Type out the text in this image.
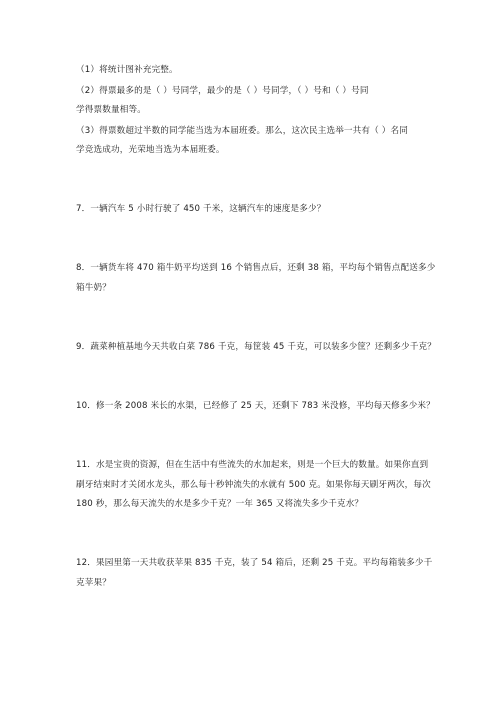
（1）将统计图补充完整。
（2）得票最多的是（ ）号同学，最少的是（ ）号同学，（ ）号和（ ）号同
学得票数量相等。
（3）得票数超过半数的同学能当选为本届班委。那么，这次民主选举一共有（ ）名同
学竞选成功，光荣地当选为本届班委。
7．一辆汽车 5 小时行驶了 450 千米，这辆汽车的速度是多少？
8．一辆货车将 470 箱牛奶平均送到 16 个销售点后，还剩 38 箱，平均每个销售点配送多少
箱牛奶？
9．蔬菜种植基地今天共收白菜 786 千克，每筐装 45 千克，可以装多少筐？还剩多少千克？
10．修一条 2008 米长的水渠，已经修了 25 天，还剩下 783 米没修，平均每天修多少米？
11．水是宝贵的资源，但在生活中有些流失的水加起来，则是一个巨大的数量。如果你直到
刷牙结束时才关闭水龙头，那么每十秒钟流失的水就有 500 克。如果你每天刷牙两次，每次
180 秒，那么每天流失的水是多少千克？一年 365 又将流失多少千克水？
12．果园里第一天共收获苹果 835 千克，装了 54 箱后，还剩 25 千克。平均每箱装多少千
克苹果？
